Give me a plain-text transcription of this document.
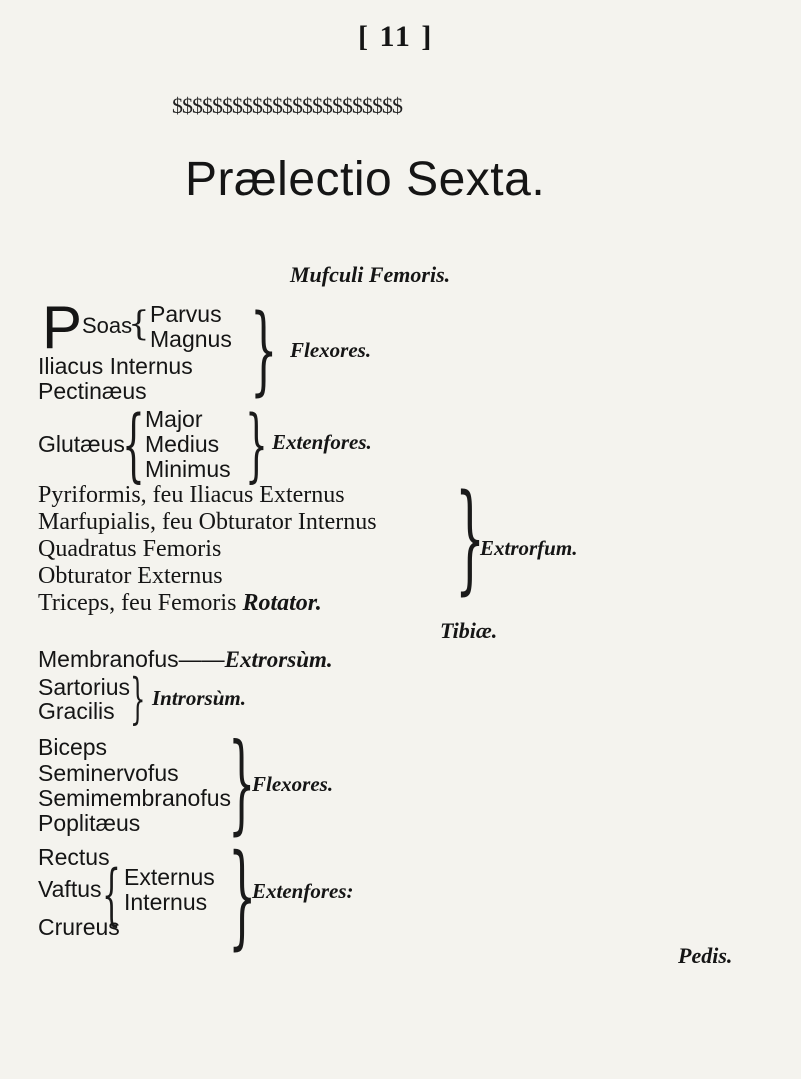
[ 11 ]
$$$$$$$$$$$$$$$$$$$$$$$
Prælectio Sexta.
Mufculi Femoris.
P Soas
{ Parvus
Magnus
Iliacus Internus
Pectinæus } Flexores.
Glutæus
{ Major
Medius
Minimus } Extenfores.
Pyriformis, feu Iliacus Externus
Marfupialis, feu Obturator Internus
Quadratus Femoris
Obturator Externus
Triceps, feu Femoris Rotator. }
Extrorfum.
Tibiæ.
Membranofus——Extrorsùm.
Sartorius
Gracilis } Introrsùm.
Biceps
Seminervofus
Semimembranofus
Poplitæus }
Flexores.
Rectus
Vaftus { Externus
Internus
Crureus }
Extenfores:
Pedis.
